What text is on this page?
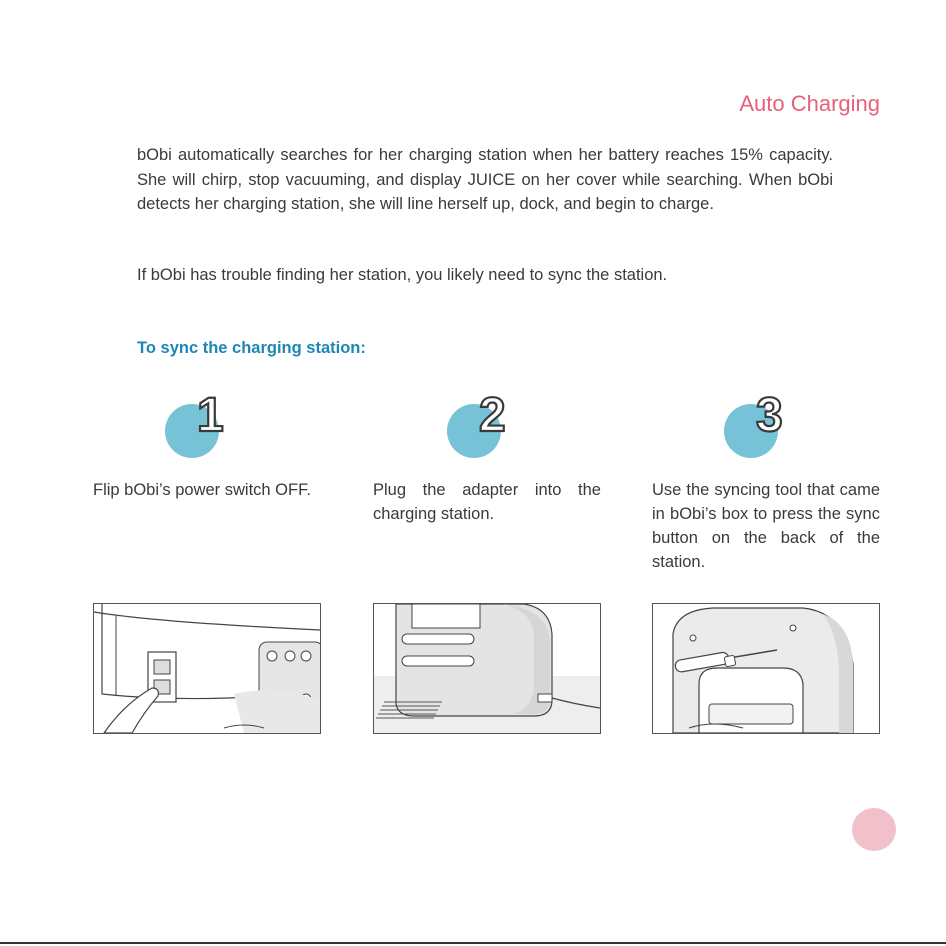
Auto Charging

bObi automatically searches for her charging station when her battery reaches 15% capacity. She will chirp, stop vacuuming, and display JUICE on her cover while searching. When bObi detects her charging station, she will line herself up, dock, and begin to charge.

If bObi has trouble finding her station, you likely need to sync the station.

To sync the charging station:
1

Flip bObi’s power switch OFF.

2

Plug the adapter into the charging station.

3

Use the syncing tool that came in bObi’s box to press the sync button on the back of the station.
